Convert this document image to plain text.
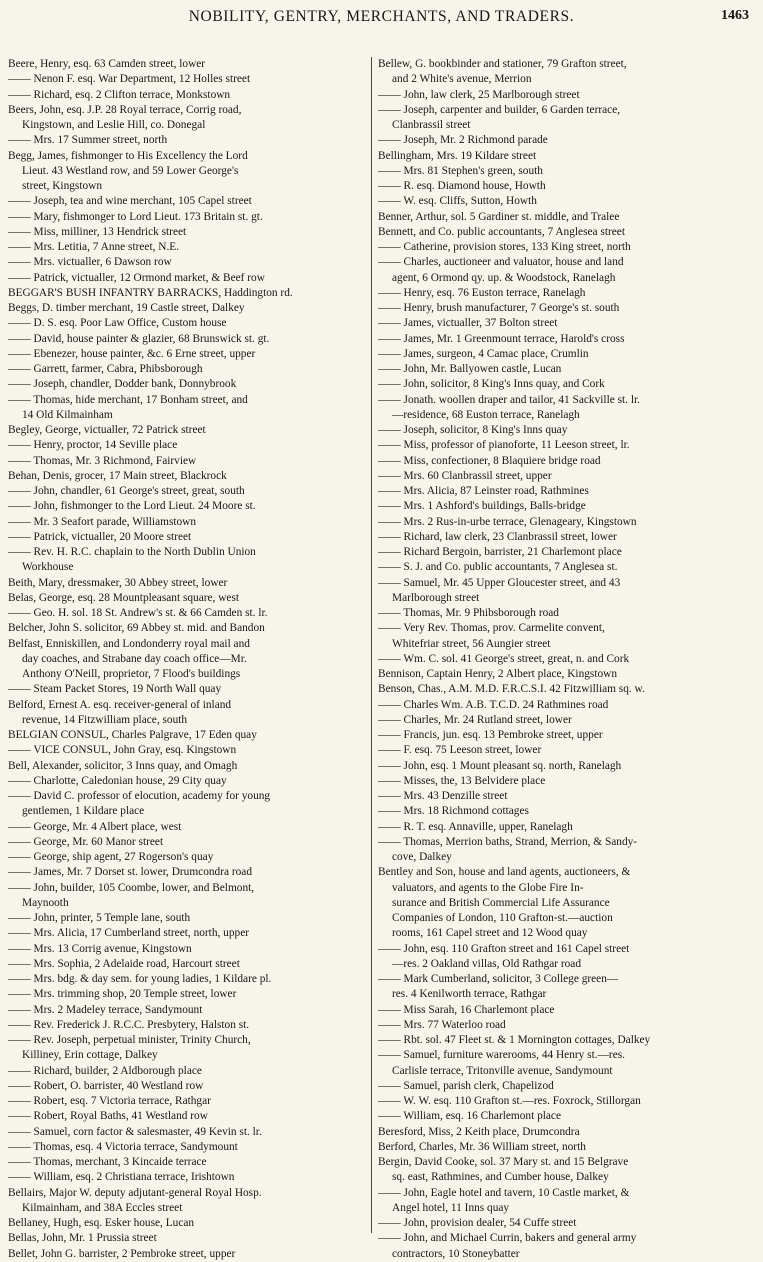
NOBILITY, GENTRY, MERCHANTS, AND TRADERS.	1463
Beere, Henry, esq. 63 Camden street, lower
—— Nenon F. esq. War Department, 12 Holles street
—— Richard, esq. 2 Clifton terrace, Monkstown
Beers, John, esq. J.P. 28 Royal terrace, Corrig road,
Kingstown, and Leslie Hill, co. Donegal
—— Mrs. 17 Summer street, north
Begg, James, fishmonger to His Excellency the Lord
Lieut. 43 Westland row, and 59 Lower George's
street, Kingstown
—— Joseph, tea and wine merchant, 105 Capel street
—— Mary, fishmonger to Lord Lieut. 173 Britain st. gt.
—— Miss, milliner, 13 Hendrick street
—— Mrs. Letitia, 7 Anne street, N.E.
—— Mrs. victualler, 6 Dawson row
—— Patrick, victualler, 12 Ormond market, & Beef row
BEGGAR'S BUSH INFANTRY BARRACKS, Haddington rd.
Beggs, D. timber merchant, 19 Castle street, Dalkey
—— D. S. esq. Poor Law Office, Custom house
—— David, house painter & glazier, 68 Brunswick st. gt.
—— Ebenezer, house painter, &c. 6 Erne street, upper
—— Garrett, farmer, Cabra, Phibsborough
—— Joseph, chandler, Dodder bank, Donnybrook
—— Thomas, hide merchant, 17 Bonham street, and
14 Old Kilmainham
Begley, George, victualler, 72 Patrick street
—— Henry, proctor, 14 Seville place
—— Thomas, Mr. 3 Richmond, Fairview
Behan, Denis, grocer, 17 Main street, Blackrock
—— John, chandler, 61 George's street, great, south
—— John, fishmonger to the Lord Lieut. 24 Moore st.
—— Mr. 3 Seafort parade, Williamstown
—— Patrick, victualler, 20 Moore street
—— Rev. H. R.C. chaplain to the North Dublin Union
Workhouse
Beith, Mary, dressmaker, 30 Abbey street, lower
Belas, George, esq. 28 Mountpleasant square, west
—— Geo. H. sol. 18 St. Andrew's st. & 66 Camden st. lr.
Belcher, John S. solicitor, 69 Abbey st. mid. and Bandon
Belfast, Enniskillen, and Londonderry royal mail and
day coaches, and Strabane day coach office—Mr.
Anthony O'Neill, proprietor, 7 Flood's buildings
—— Steam Packet Stores, 19 North Wall quay
Belford, Ernest A. esq. receiver-general of inland
revenue, 14 Fitzwilliam place, south
BELGIAN CONSUL, Charles Palgrave, 17 Eden quay
—— VICE CONSUL, John Gray, esq. Kingstown
Bell, Alexander, solicitor, 3 Inns quay, and Omagh
—— Charlotte, Caledonian house, 29 City quay
—— David C. professor of elocution, academy for young
gentlemen, 1 Kildare place
—— George, Mr. 4 Albert place, west
—— George, Mr. 60 Manor street
—— George, ship agent, 27 Rogerson's quay
—— James, Mr. 7 Dorset st. lower, Drumcondra road
—— John, builder, 105 Coombe, lower, and Belmont,
Maynooth
—— John, printer, 5 Temple lane, south
—— Mrs. Alicia, 17 Cumberland street, north, upper
—— Mrs. 13 Corrig avenue, Kingstown
—— Mrs. Sophia, 2 Adelaide road, Harcourt street
—— Mrs. bdg. & day sem. for young ladies, 1 Kildare pl.
—— Mrs. trimming shop, 20 Temple street, lower
—— Mrs. 2 Madeley terrace, Sandymount
—— Rev. Frederick J. R.C.C. Presbytery, Halston st.
—— Rev. Joseph, perpetual minister, Trinity Church,
Killiney, Erin cottage, Dalkey
—— Richard, builder, 2 Aldborough place
—— Robert, O. barrister, 40 Westland row
—— Robert, esq. 7 Victoria terrace, Rathgar
—— Robert, Royal Baths, 41 Westland row
—— Samuel, corn factor & salesmaster, 49 Kevin st. lr.
—— Thomas, esq. 4 Victoria terrace, Sandymount
—— Thomas, merchant, 3 Kincaide terrace
—— William, esq. 2 Christiana terrace, Irishtown
Bellairs, Major W. deputy adjutant-general Royal Hosp.
Kilmainham, and 38A Eccles street
Bellaney, Hugh, esq. Esker house, Lucan
Bellas, John, Mr. 1 Prussia street
Bellet, John G. barrister, 2 Pembroke street, upper
Bellew, G. bookbinder and stationer, 79 Grafton street,
and 2 White's avenue, Merrion
—— John, law clerk, 25 Marlborough street
—— Joseph, carpenter and builder, 6 Garden terrace,
Clanbrassil street
—— Joseph, Mr. 2 Richmond parade
Bellingham, Mrs. 19 Kildare street
—— Mrs. 81 Stephen's green, south
—— R. esq. Diamond house, Howth
—— W. esq. Cliffs, Sutton, Howth
Benner, Arthur, sol. 5 Gardiner st. middle, and Tralee
Bennett, and Co. public accountants, 7 Anglesea street
—— Catherine, provision stores, 133 King street, north
—— Charles, auctioneer and valuator, house and land
agent, 6 Ormond qy. up. & Woodstock, Ranelagh
—— Henry, esq. 76 Euston terrace, Ranelagh
—— Henry, brush manufacturer, 7 George's st. south
—— James, victualler, 37 Bolton street
—— James, Mr. 1 Greenmount terrace, Harold's cross
—— James, surgeon, 4 Camac place, Crumlin
—— John, Mr. Ballyowen castle, Lucan
—— John, solicitor, 8 King's Inns quay, and Cork
—— Jonath. woollen draper and tailor, 41 Sackville st. lr.
—residence, 68 Euston terrace, Ranelagh
—— Joseph, solicitor, 8 King's Inns quay
—— Miss, professor of pianoforte, 11 Leeson street, lr.
—— Miss, confectioner, 8 Blaquiere bridge road
—— Mrs. 60 Clanbrassil street, upper
—— Mrs. Alicia, 87 Leinster road, Rathmines
—— Mrs. 1 Ashford's buildings, Balls-bridge
—— Mrs. 2 Rus-in-urbe terrace, Glenageary, Kingstown
—— Richard, law clerk, 23 Clanbrassil street, lower
—— Richard Bergoin, barrister, 21 Charlemont place
—— S. J. and Co. public accountants, 7 Anglesea st.
—— Samuel, Mr. 45 Upper Gloucester street, and 43
Marlborough street
—— Thomas, Mr. 9 Phibsborough road
—— Very Rev. Thomas, prov. Carmelite convent,
Whitefriar street, 56 Aungier street
—— Wm. C. sol. 41 George's street, great, n. and Cork
Bennison, Captain Henry, 2 Albert place, Kingstown
Benson, Chas., A.M. M.D. F.R.C.S.I. 42 Fitzwilliam sq. w.
—— Charles Wm. A.B. T.C.D. 24 Rathmines road
—— Charles, Mr. 24 Rutland street, lower
—— Francis, jun. esq. 13 Pembroke street, upper
—— F. esq. 75 Leeson street, lower
—— John, esq. 1 Mount pleasant sq. north, Ranelagh
—— Misses, the, 13 Belvidere place
—— Mrs. 43 Denzille street
—— Mrs. 18 Richmond cottages
—— R. T. esq. Annaville, upper, Ranelagh
—— Thomas, Merrion baths, Strand, Merrion, & Sandy-
cove, Dalkey
Bentley and Son, house and land agents, auctioneers, &
valuators, and agents to the Globe Fire In-
surance and British Commercial Life Assurance
Companies of London, 110 Grafton-st.—auction
rooms, 161 Capel street and 12 Wood quay
—— John, esq. 110 Grafton street and 161 Capel street
—res. 2 Oakland villas, Old Rathgar road
—— Mark Cumberland, solicitor, 3 College green—
res. 4 Kenilworth terrace, Rathgar
—— Miss Sarah, 16 Charlemont place
—— Mrs. 77 Waterloo road
—— Rbt. sol. 47 Fleet st. & 1 Mornington cottages, Dalkey
—— Samuel, furniture warerooms, 44 Henry st.—res.
Carlisle terrace, Tritonville avenue, Sandymount
—— Samuel, parish clerk, Chapelizod
—— W. W. esq. 110 Grafton st.—res. Foxrock, Stillorgan
—— William, esq. 16 Charlemont place
Beresford, Miss, 2 Keith place, Drumcondra
Berford, Charles, Mr. 36 William street, north
Bergin, David Cooke, sol. 37 Mary st. and 15 Belgrave
sq. east, Rathmines, and Cumber house, Dalkey
—— John, Eagle hotel and tavern, 10 Castle market, &
Angel hotel, 11 Inns quay
—— John, provision dealer, 54 Cuffe street
—— John, and Michael Currin, bakers and general army
contractors, 10 Stoneybatter
